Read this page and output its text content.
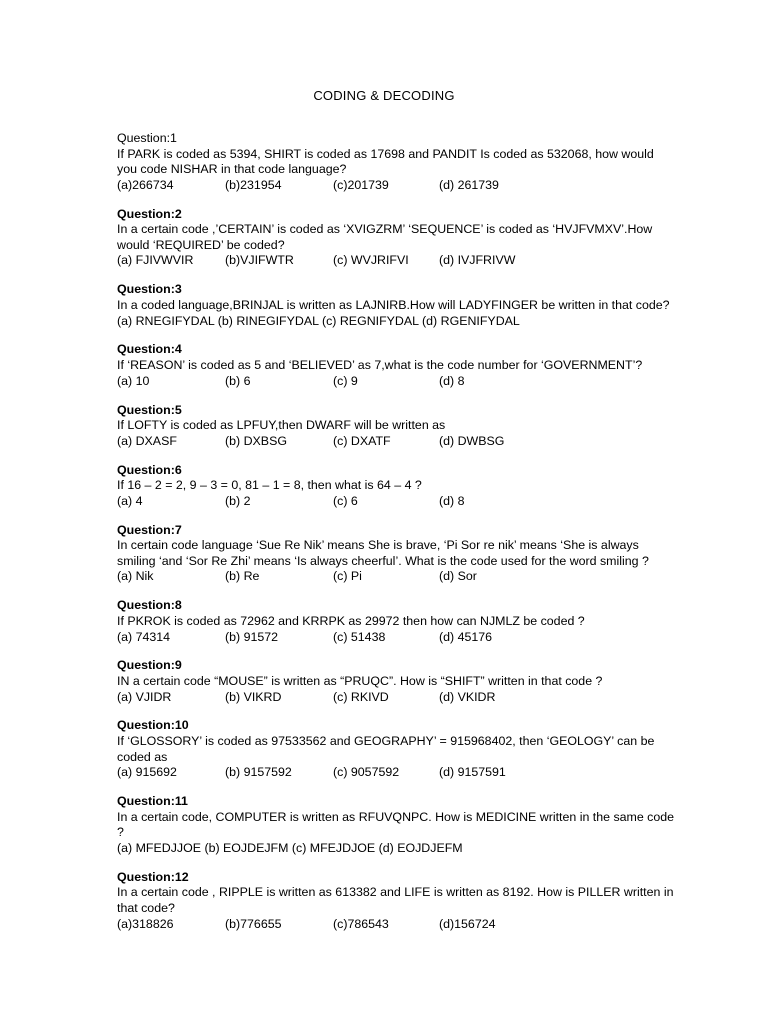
CODING & DECODING
Question:1
If PARK is coded as 5394, SHIRT is coded as 17698 and PANDIT Is coded as 532068, how would you code NISHAR in that code language?
(a)266734	(b)231954	(c)201739	(d) 261739
Question:2
In a certain code ,’CERTAIN’ is coded as ‘XVIGZRM’ ‘SEQUENCE’ is coded as ‘HVJFVMXV’.How would ‘REQUIRED’ be coded?
(a) FJIVWVIR	(b)VJIFWTR	(c) WVJRIFVI (d) IVJFRIVW
Question:3
In a coded language,BRINJAL is written as LAJNIRB.How will LADYFINGER be written in that code?
(a) RNEGIFYDAL (b) RINEGIFYDAL (c) REGNIFYDAL (d) RGENIFYDAL
Question:4
If ‘REASON’ is coded as 5 and ‘BELIEVED’ as 7,what is the code number for ‘GOVERNMENT’?
(a) 10	(b) 6	(c) 9	(d) 8
Question:5
If LOFTY is coded as LPFUY,then DWARF will be written as
(a) DXASF	(b) DXBSG	(c) DXATF	(d) DWBSG
Question:6
If 16 – 2 = 2, 9 – 3 = 0, 81 – 1 = 8, then what is 64 – 4 ?
(a) 4	(b) 2	(c) 6	(d) 8
Question:7
In certain code language ‘Sue Re Nik’ means She is brave, ‘Pi Sor re nik’ means ‘She is always smiling ‘and ‘Sor Re Zhi’ means ‘Is always cheerful’. What is the code used for the word smiling ?
(a) Nik	(b) Re	(c) Pi	(d) Sor
Question:8
If PKROK is coded as 72962 and KRRPK as 29972 then how can NJMLZ be coded ?
(a) 74314	(b) 91572	(c) 51438	(d) 45176
Question:9
IN a certain code “MOUSE” is written as “PRUQC”. How is “SHIFT” written in that code ?
(a) VJIDR	(b) VIKRD	(c) RKIVD	(d) VKIDR
Question:10
If ‘GLOSSORY’ is coded as 97533562 and GEOGRAPHY’ = 915968402, then ‘GEOLOGY’ can be coded as
(a) 915692	(b) 9157592	(c) 9057592	(d) 9157591
Question:11
In a certain code, COMPUTER is written as RFUVQNPC. How is MEDICINE written in the same code ?
(a) MFEDJJOE (b) EOJDEJFM (c) MFEJDJOE (d) EOJDJEFM
Question:12
In a certain code , RIPPLE is written as 613382 and LIFE is written as 8192. How is PILLER written in that code?
(a)318826	(b)776655	(c)786543	(d)156724
